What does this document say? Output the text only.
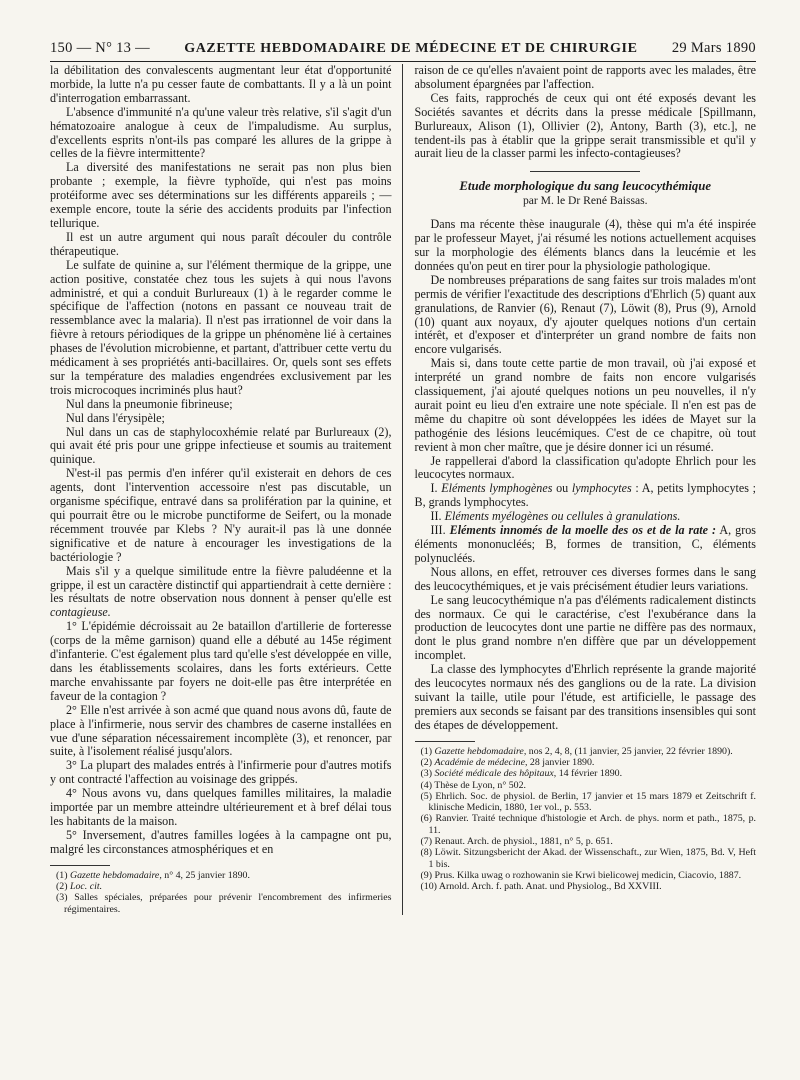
150 — N° 13 — GAZETTE HEBDOMADAIRE DE MÉDECINE ET DE CHIRURGIE 29 Mars 1890

la débilitation des convalescents augmentant leur état d'opportunité morbide, la lutte n'a pu cesser faute de combattants. Il y a là un point d'interrogation embarrassant.

L'absence d'immunité n'a qu'une valeur très relative, s'il s'agit d'un hématozoaire analogue à ceux de l'impaludisme. Au surplus, d'excellents esprits n'ont-ils pas comparé les allures de la grippe à celles de la fièvre intermittente?

La diversité des manifestations ne serait pas non plus bien probante ; exemple, la fièvre typhoïde, qui n'est pas moins protéiforme avec ses déterminations sur les différents appareils ; — exemple encore, toute la série des accidents produits par l'infection tellurique.

Il est un autre argument qui nous paraît découler du contrôle thérapeutique.

Le sulfate de quinine a, sur l'élément thermique de la grippe, une action positive, constatée chez tous les sujets à qui nous l'avons administré, et qui a conduit Burlureaux (1) à le regarder comme le spécifique de l'affection (notons en passant ce nouveau trait de ressemblance avec la malaria). Il n'est pas irrationnel de voir dans la fièvre à retours périodiques de la grippe un phénomène lié à certaines phases de l'évolution microbienne, et partant, d'attribuer cette vertu du médicament à ses propriétés anti-bacillaires. Or, quels sont ses effets sur la température des maladies engendrées exclusivement par les trois microcoques incriminés plus haut?

Nul dans la pneumonie fibrineuse;

Nul dans l'érysipèle;

Nul dans un cas de staphylocoxhémie relaté par Burlureaux (2), qui avait été pris pour une grippe infectieuse et soumis au traitement quinique.

N'est-il pas permis d'en inférer qu'il existerait en dehors de ces agents, dont l'intervention accessoire n'est pas discutable, un organisme spécifique, entravé dans sa prolifération par la quinine, et qui pourrait être ou le microbe punctiforme de Seifert, ou la monade récemment trouvée par Klebs ? N'y aurait-il pas là une donnée significative et de nature à encourager les investigations de la bactériologie ?

Mais s'il y a quelque similitude entre la fièvre paludéenne et la grippe, il est un caractère distinctif qui appartiendrait à cette dernière : les résultats de notre observation nous donnent à penser qu'elle est contagieuse.

1° L'épidémie décroissait au 2e bataillon d'artillerie de forteresse (corps de la même garnison) quand elle a débuté au 145e régiment d'infanterie. C'est également plus tard qu'elle s'est développée en ville, dans les établissements scolaires, dans les forts extérieurs. Cette marche envahissante par foyers ne doit-elle pas être interprétée en faveur de la contagion ?

2° Elle n'est arrivée à son acmé que quand nous avons dû, faute de place à l'infirmerie, nous servir des chambres de caserne installées en vue d'une séparation nécessairement incomplète (3), et renoncer, par suite, à l'isolement réalisé jusqu'alors.

3° La plupart des malades entrés à l'infirmerie pour d'autres motifs y ont contracté l'affection au voisinage des grippés.

4° Nous avons vu, dans quelques familles militaires, la maladie importée par un membre atteindre ultérieurement et à bref délai tous les habitants de la maison.

5° Inversement, d'autres familles logées à la campagne ont pu, malgré les circonstances atmosphériques et en

(1) Gazette hebdomadaire, n° 4, 25 janvier 1890.

(2) Loc. cit.

(3) Salles spéciales, préparées pour prévenir l'encombrement des infirmeries régimentaires.

raison de ce qu'elles n'avaient point de rapports avec les malades, être absolument épargnées par l'affection.

Ces faits, rapprochés de ceux qui ont été exposés devant les Sociétés savantes et décrits dans la presse médicale [Spillmann, Burlureaux, Alison (1), Ollivier (2), Antony, Barth (3), etc.], ne tendent-ils pas à établir que la grippe serait transmissible et qu'il y aurait lieu de la classer parmi les infecto-contagieuses?

Etude morphologique du sang leucocythémique
par M. le Dr René Baissas.

Dans ma récente thèse inaugurale (4), thèse qui m'a été inspirée par le professeur Mayet, j'ai résumé les notions actuellement acquises sur la morphologie des éléments blancs dans la leucémie et les données qu'on peut en tirer pour la physiologie pathologique.

De nombreuses préparations de sang faites sur trois malades m'ont permis de vérifier l'exactitude des descriptions d'Ehrlich (5) quant aux granulations, de Ranvier (6), Renaut (7), Löwit (8), Prus (9), Arnold (10) quant aux noyaux, d'y ajouter quelques notions d'un certain intérêt, et d'exposer et d'interpréter un grand nombre de faits non encore vulgarisés.

Mais si, dans toute cette partie de mon travail, où j'ai exposé et interprété un grand nombre de faits non encore vulgarisés classiquement, j'ai ajouté quelques notions un peu nouvelles, il n'y aurait point eu lieu d'en extraire une note spéciale. Il n'en est pas de même du chapitre où sont développées les idées de Mayet sur la pathogénie des lésions leucémiques. C'est de ce chapitre, où tout revient à mon cher maître, que je désire donner ici un résumé.

Je rappellerai d'abord la classification qu'adopte Ehrlich pour les leucocytes normaux.

I. Eléments lymphogènes ou lymphocytes : A, petits lymphocytes ; B, grands lymphocytes.

II. Eléments myélogènes ou cellules à granulations.

III. Eléments innomés de la moelle des os et de la rate : A, gros éléments mononucléés; B, formes de transition, C, éléments polynucléés.

Nous allons, en effet, retrouver ces diverses formes dans le sang des leucocythémiques, et je vais précisément étudier leurs variations.

Le sang leucocythémique n'a pas d'éléments radicalement distincts des normaux. Ce qui le caractérise, c'est l'exubérance dans la production de leucocytes dont une partie ne diffère pas des normaux, dont le plus grand nombre n'en diffère que par un développement incomplet.

La classe des lymphocytes d'Ehrlich représente la grande majorité des leucocytes normaux nés des ganglions ou de la rate. La division suivant la taille, utile pour l'étude, est artificielle, le passage des premiers aux seconds se faisant par des transitions insensibles qui sont des étapes de développement.

(1) Gazette hebdomadaire, nos 2, 4, 8, (11 janvier, 25 janvier, 22 février 1890).

(2) Académie de médecine, 28 janvier 1890.

(3) Société médicale des hôpitaux, 14 février 1890.

(4) Thèse de Lyon, n° 502.

(5) Ehrlich. Soc. de physiol. de Berlin, 17 janvier et 15 mars 1879 et Zeitschrift f. klinische Medicin, 1880, 1er vol., p. 553.

(6) Ranvier. Traité technique d'histologie et Arch. de phys. norm et path., 1875, p. 11.

(7) Renaut. Arch. de physiol., 1881, n° 5, p. 651.

(8) Löwit. Sitzungsbericht der Akad. der Wissenschaft., zur Wien, 1875, Bd. V, Heft 1 bis.

(9) Prus. Kilka uwag o rozhowanin sie Krwi bielicowej medicin, Ciacovio, 1887.

(10) Arnold. Arch. f. path. Anat. und Physiolog., Bd XXVIII.
